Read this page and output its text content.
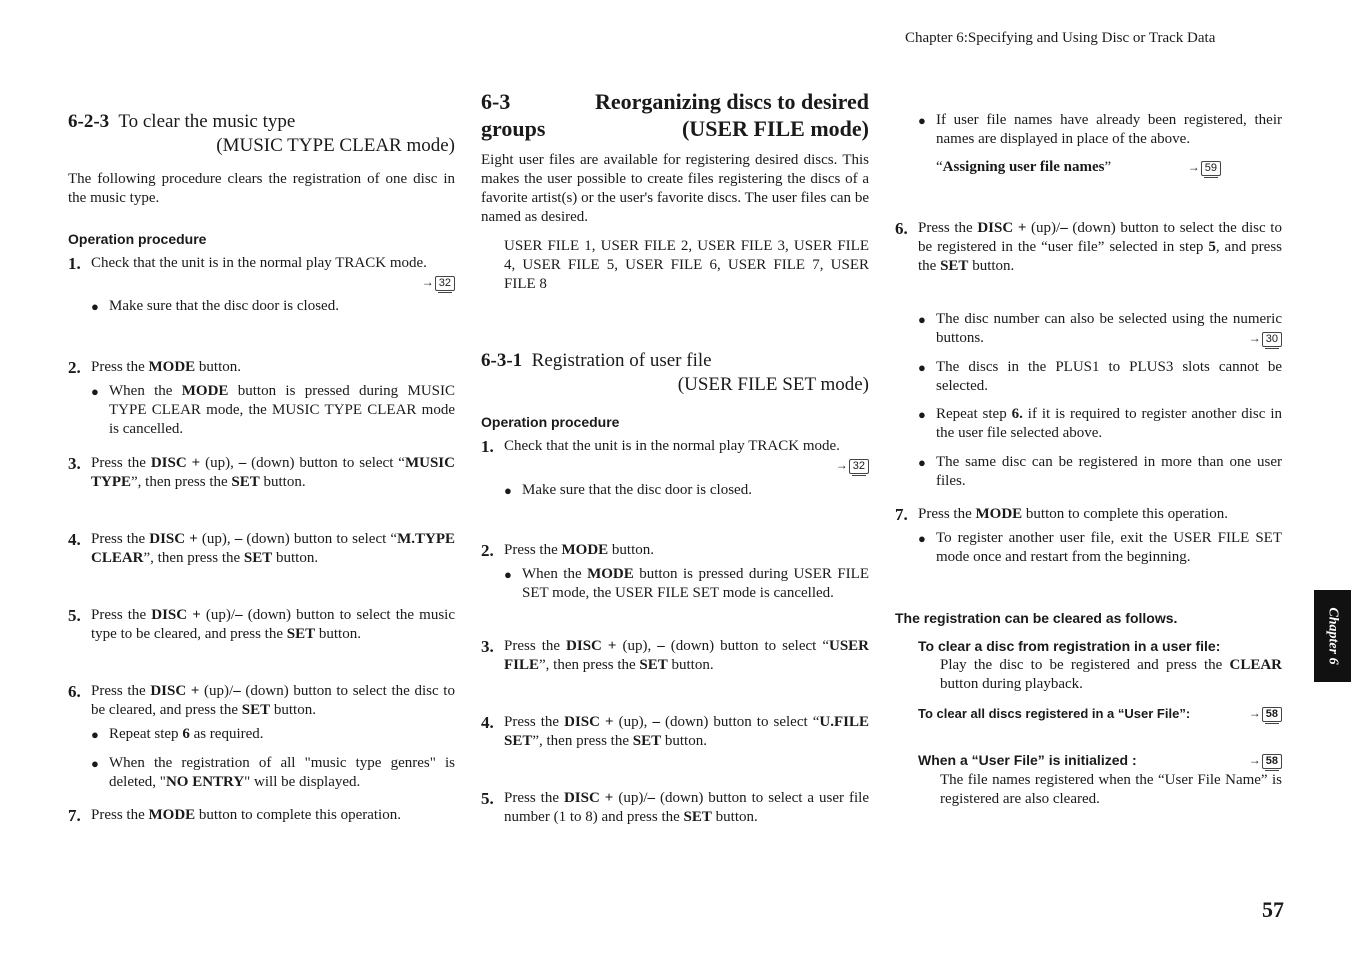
Chapter 6:Specifying and Using Disc or Track Data
6-2-3 To clear the music type
(MUSIC TYPE CLEAR mode)
The following procedure clears the registration of one disc in the music type.
Operation procedure
1. Check that the unit is in the normal play TRACK mode.
→ 32
● Make sure that the disc door is closed.
2. Press the MODE button.
● When the MODE button is pressed during MUSIC TYPE CLEAR mode, the MUSIC TYPE CLEAR mode is cancelled.
3. Press the DISC + (up), – (down) button to select “MUSIC TYPE”, then press the SET button.
4. Press the DISC + (up), – (down) button to select “M.TYPE CLEAR”, then press the SET button.
5. Press the DISC + (up)/– (down) button to select the music type to be cleared, and press the SET button.
6. Press the DISC + (up)/– (down) button to select the disc to be cleared, and press the SET button.
● Repeat step 6 as required.
● When the registration of all "music type genres" is deleted, "NO ENTRY" will be displayed.
7. Press the MODE button to complete this operation.
6-3	Reorganizing discs to desired
groups	(USER FILE mode)
Eight user files are available for registering desired discs. This makes the user possible to create files registering the discs of a favorite artist(s) or the user's favorite discs. The user files can be named as desired.
USER FILE 1, USER FILE 2, USER FILE 3, USER FILE 4, USER FILE 5, USER FILE 6, USER FILE 7, USER FILE 8
6-3-1 Registration of user file
(USER FILE SET mode)
Operation procedure
1. Check that the unit is in the normal play TRACK mode.
→ 32
● Make sure that the disc door is closed.
2. Press the MODE button.
● When the MODE button is pressed during USER FILE SET mode, the USER FILE SET mode is cancelled.
3. Press the DISC + (up), – (down) button to select “USER FILE”, then press the SET button.
4. Press the DISC + (up), – (down) button to select “U.FILE SET”, then press the SET button.
5. Press the DISC + (up)/– (down) button to select a user file number (1 to 8) and press the SET button.
● If user file names have already been registered, their names are displayed in place of the above.
“Assigning user file names”	→ 59
6. Press the DISC + (up)/– (down) button to select the disc to be registered in the “user file” selected in step 5, and press the SET button.
● The disc number can also be selected using the numeric buttons.	→ 30
● The discs in the PLUS1 to PLUS3 slots cannot be selected.
● Repeat step 6. if it is required to register another disc in the user file selected above.
● The same disc can be registered in more than one user files.
7. Press the MODE button to complete this operation.
● To register another user file, exit the USER FILE SET mode once and restart from the beginning.
The registration can be cleared as follows.
To clear a disc from registration in a user file:
Play the disc to be registered and press the CLEAR button during playback.
To clear all discs registered in a “User File”:	→ 58
When a “User File” is initialized :	→ 58
The file names registered when the “User File Name” is registered are also cleared.
Chapter 6
57
